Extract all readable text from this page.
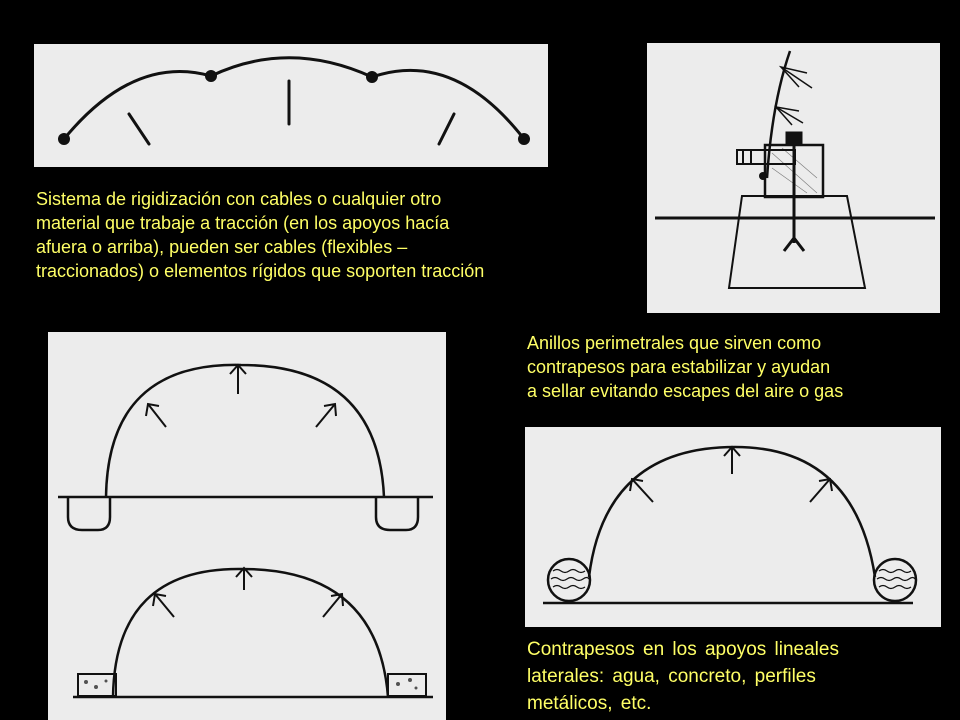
Sistema de rigidización con cables o cualquier otro
material que trabaje a tracción (en los apoyos hacía
afuera o arriba), pueden ser cables (flexibles –
traccionados) o elementos rígidos que soporten tracción

Anillos perimetrales que sirven como
contrapesos para estabilizar y ayudan
a sellar evitando escapes del aire o gas

Contrapesos en los apoyos lineales
laterales: agua, concreto, perfiles
metálicos, etc.
